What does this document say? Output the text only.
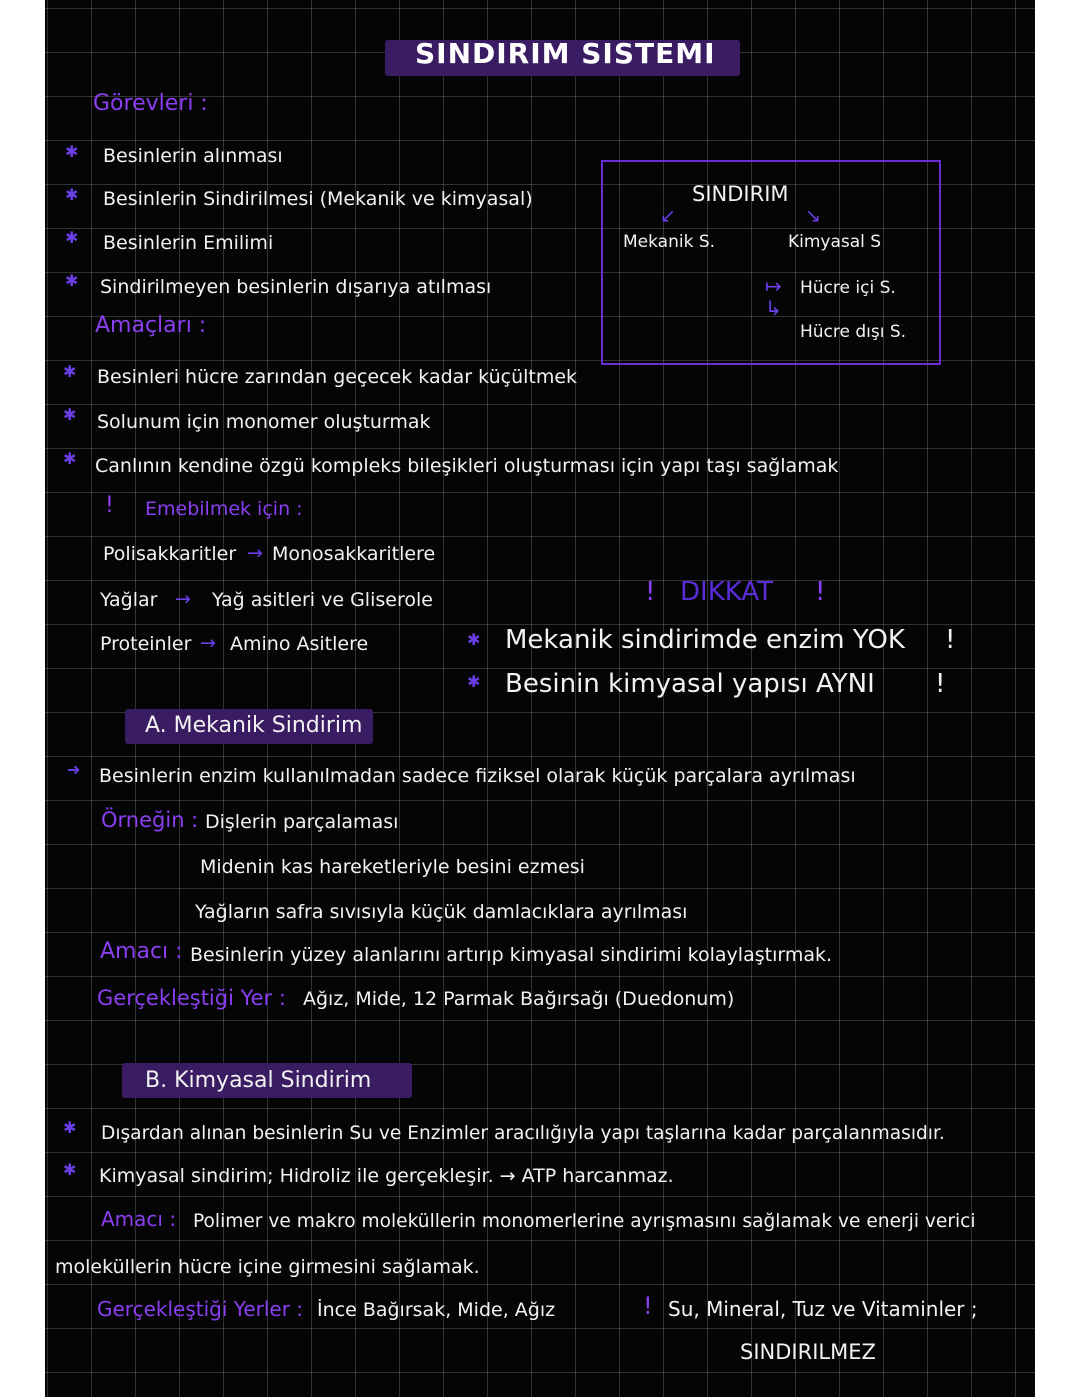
SINDIRIM SISTEMI
Görevleri :
✱ Besinlerin alınması
✱ Besinlerin Sindirilmesi (Mekanik ve kimyasal)
✱ Besinlerin Emilimi
✱ Sindirilmeyen besinlerin dışarıya atılması
SINDIRIM
↙	↘
Mekanik S.	Kimyasal S
↦
↳
Hücre içi S.
Hücre dışı S.
Amaçları :
✱ Besinleri hücre zarından geçecek kadar küçültmek
✱ Solunum için monomer oluşturmak
✱ Canlının kendine özgü kompleks bileşikleri oluşturması için yapı taşı sağlamak
! Emebilmek için :
Polisakkaritler → Monosakkaritlere
Yağlar → Yağ asitleri ve Gliserole
Proteinler → Amino Asitlere
! DIKKAT !
✱ Mekanik sindirimde enzim YOK !
✱ Besinin kimyasal yapısı AYNI !
A. Mekanik Sindirim
➜ Besinlerin enzim kullanılmadan sadece fiziksel olarak küçük parçalara ayrılması
Örneğin : Dişlerin parçalaması
Midenin kas hareketleriyle besini ezmesi
Yağların safra sıvısıyla küçük damlacıklara ayrılması
Amacı : Besinlerin yüzey alanlarını artırıp kimyasal sindirimi kolaylaştırmak.
Gerçekleştiği Yer : Ağız, Mide, 12 Parmak Bağırsağı (Duedonum)
B. Kimyasal Sindirim
✱ Dışardan alınan besinlerin Su ve Enzimler aracılığıyla yapı taşlarına kadar parçalanmasıdır.
✱ Kimyasal sindirim; Hidroliz ile gerçekleşir. → ATP harcanmaz.
Amacı : Polimer ve makro moleküllerin monomerlerine ayrışmasını sağlamak ve enerji verici
moleküllerin hücre içine girmesini sağlamak.
Gerçekleştiği Yerler : İnce Bağırsak, Mide, Ağız	! Su, Mineral, Tuz ve Vitaminler ;
SINDIRILMEZ
